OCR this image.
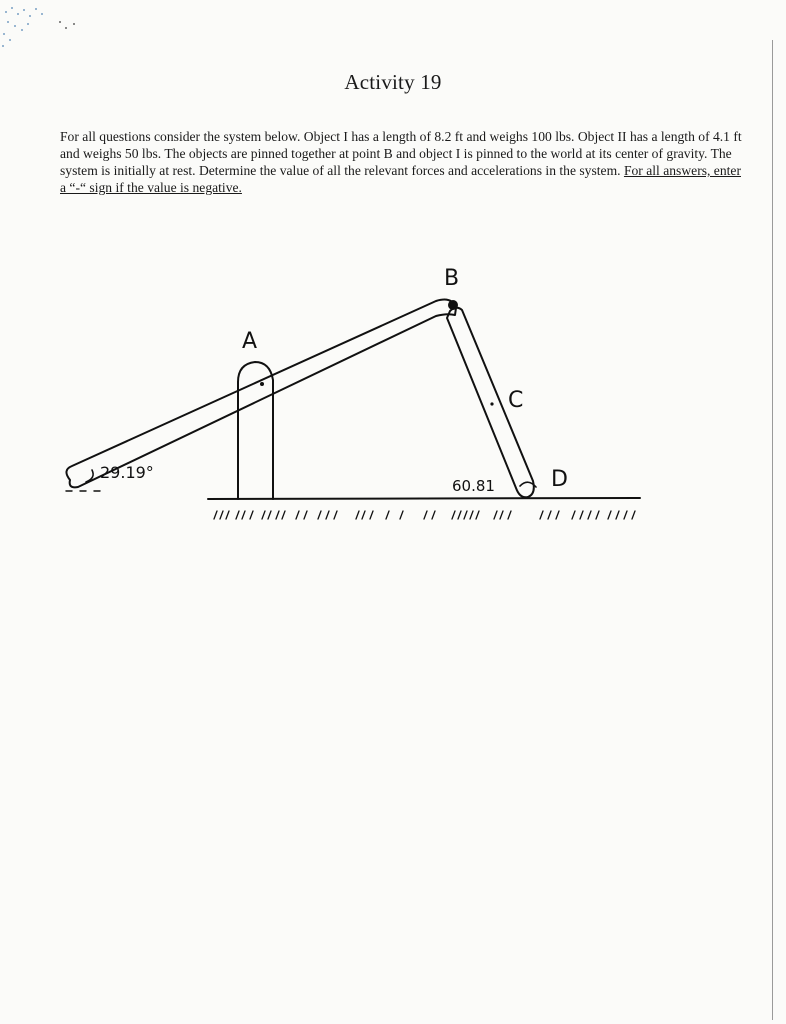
Activity 19
For all questions consider the system below. Object I has a length of 8.2 ft and weighs 100 lbs. Object II has a length of 4.1 ft and weighs 50 lbs. The objects are pinned together at point B and object I is pinned to the world at its center of gravity. The system is initially at rest. Determine the value of all the relevant forces and accelerations in the system. For all answers, enter a “-“ sign if the value is negative.
A
B
C
D
29.19°
60.81
